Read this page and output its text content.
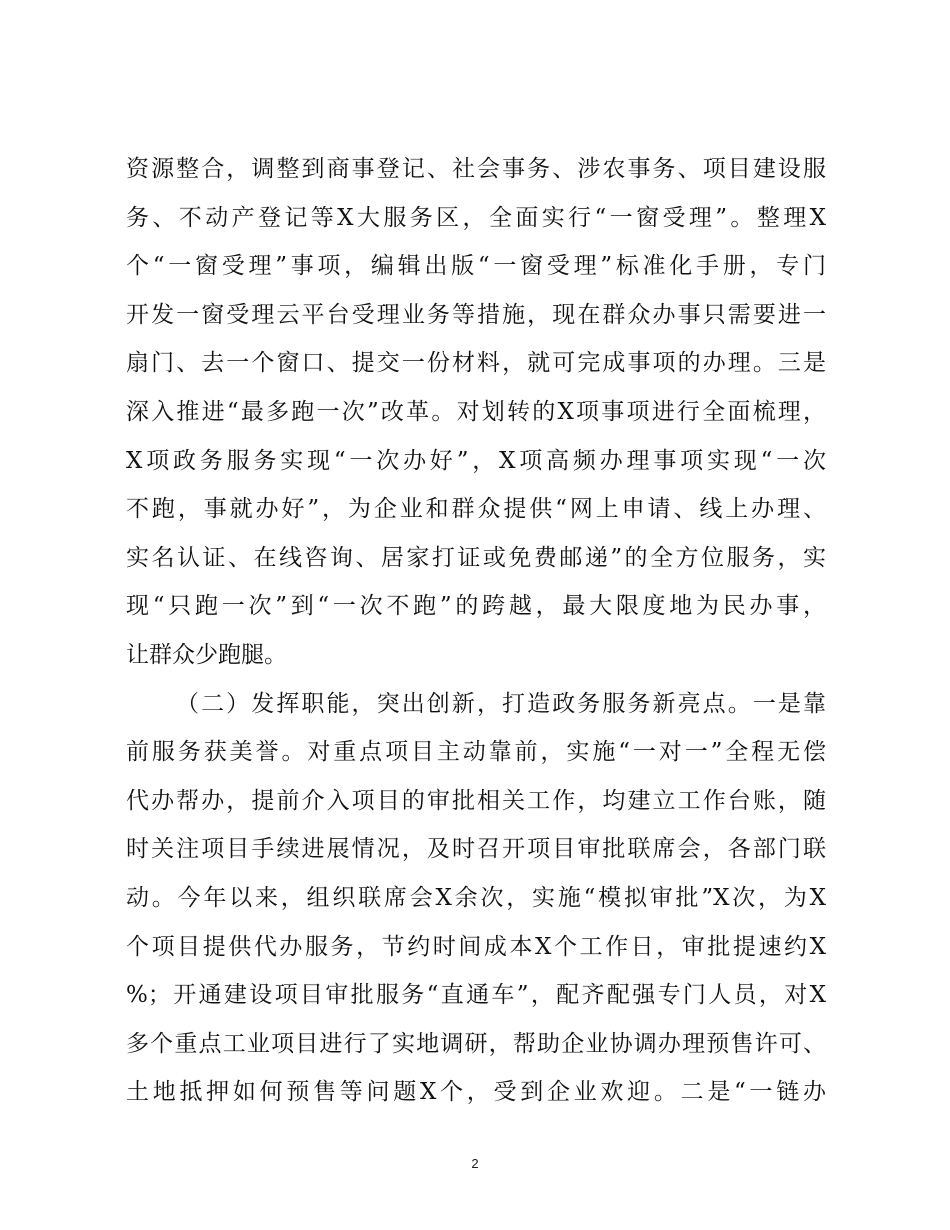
资源整合，调整到商事登记、社会事务、涉农事务、项目建设服
务、不动产登记等X大服务区，全面实行“一窗受理”。整理X
个“一窗受理”事项，编辑出版“一窗受理”标准化手册，专门
开发一窗受理云平台受理业务等措施，现在群众办事只需要进一
扇门、去一个窗口、提交一份材料，就可完成事项的办理。三是
深入推进“最多跑一次”改革。对划转的X项事项进行全面梳理，
X项政务服务实现“一次办好”，X项高频办理事项实现“一次
不跑，事就办好”，为企业和群众提供“网上申请、线上办理、
实名认证、在线咨询、居家打证或免费邮递”的全方位服务，实
现“只跑一次”到“一次不跑”的跨越，最大限度地为民办事，
让群众少跑腿。
（二）发挥职能，突出创新，打造政务服务新亮点。一是靠
前服务获美誉。对重点项目主动靠前，实施“一对一”全程无偿
代办帮办，提前介入项目的审批相关工作，均建立工作台账，随
时关注项目手续进展情况，及时召开项目审批联席会，各部门联
动。今年以来，组织联席会X余次，实施“模拟审批”X次，为X
个项目提供代办服务，节约时间成本X个工作日，审批提速约X
%；开通建设项目审批服务“直通车”，配齐配强专门人员，对X
多个重点工业项目进行了实地调研，帮助企业协调办理预售许可、
土地抵押如何预售等问题X个，受到企业欢迎。二是“一链办
2
